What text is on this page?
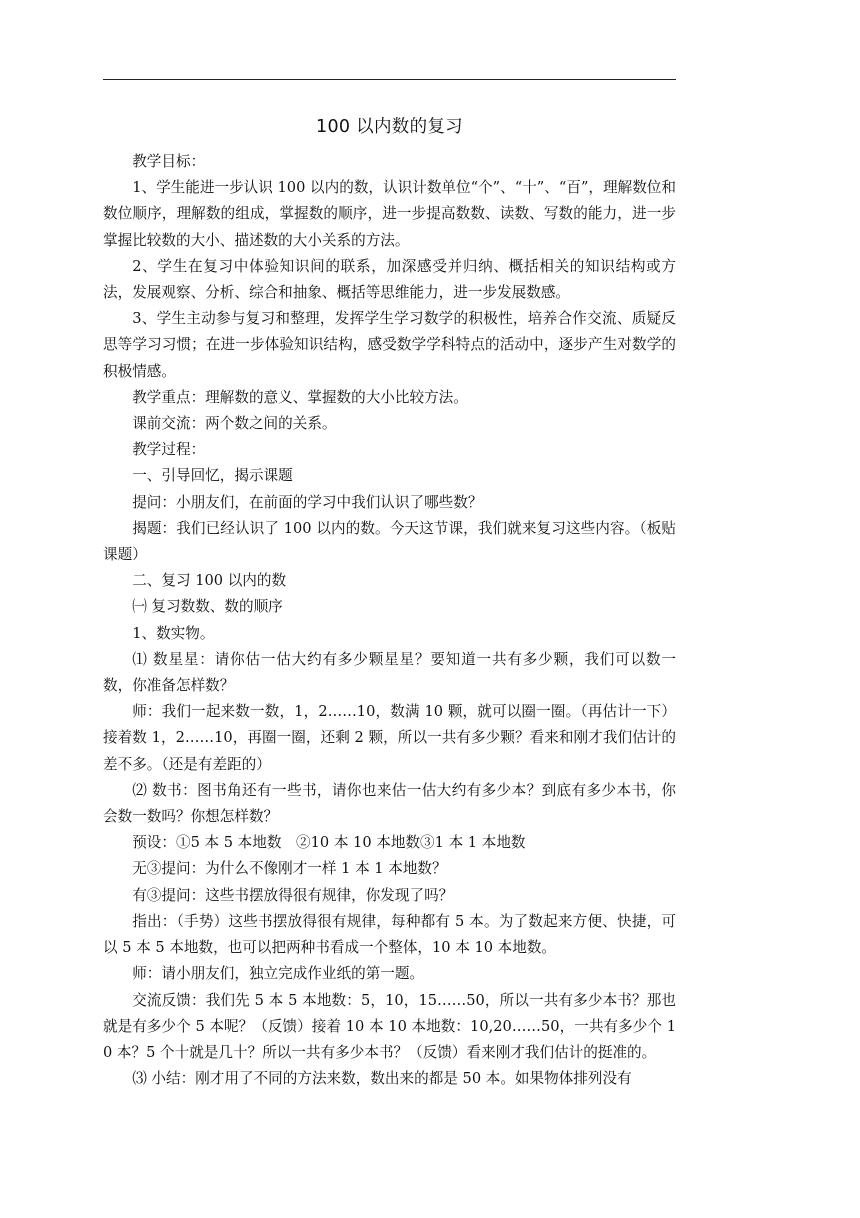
100 以内数的复习

教学目标：

1、学生能进一步认识 100 以内的数，认识计数单位“个”、“十”、“百”，理解数位和数位顺序，理解数的组成，掌握数的顺序，进一步提高数数、读数、写数的能力，进一步掌握比较数的大小、描述数的大小关系的方法。

2、学生在复习中体验知识间的联系，加深感受并归纳、概括相关的知识结构或方法，发展观察、分析、综合和抽象、概括等思维能力，进一步发展数感。

3、学生主动参与复习和整理，发挥学生学习数学的积极性，培养合作交流、质疑反思等学习习惯；在进一步体验知识结构，感受数学学科特点的活动中，逐步产生对数学的积极情感。

教学重点：理解数的意义、掌握数的大小比较方法。

课前交流：两个数之间的关系。

教学过程：

一、引导回忆，揭示课题

提问：小朋友们，在前面的学习中我们认识了哪些数？

揭题：我们已经认识了 100 以内的数。今天这节课，我们就来复习这些内容。（板贴课题）

二、复习 100 以内的数

㈠ 复习数数、数的顺序

1、数实物。

⑴ 数星星：请你估一估大约有多少颗星星？要知道一共有多少颗，我们可以数一数，你准备怎样数？

师：我们一起来数一数，1，2……10，数满 10 颗，就可以圈一圈。（再估计一下）接着数 1，2……10，再圈一圈，还剩 2 颗，所以一共有多少颗？看来和刚才我们估计的差不多。（还是有差距的）

⑵ 数书：图书角还有一些书，请你也来估一估大约有多少本？到底有多少本书，你会数一数吗？你想怎样数？

预设：①5 本 5 本地数　②10 本 10 本地数③1 本 1 本地数

无③提问：为什么不像刚才一样 1 本 1 本地数？

有③提问：这些书摆放得很有规律，你发现了吗？

指出：（手势）这些书摆放得很有规律，每种都有 5 本。为了数起来方便、快捷，可以 5 本 5 本地数，也可以把两种书看成一个整体，10 本 10 本地数。

师：请小朋友们，独立完成作业纸的第一题。

交流反馈：我们先 5 本 5 本地数：5，10，15……50，所以一共有多少本书？那也就是有多少个 5 本呢？（反馈）接着 10 本 10 本地数：10,20……50，一共有多少个 10 本？5 个十就是几十？所以一共有多少本书？（反馈）看来刚才我们估计的挺准的。

⑶ 小结：刚才用了不同的方法来数，数出来的都是 50 本。如果物体排列没有
